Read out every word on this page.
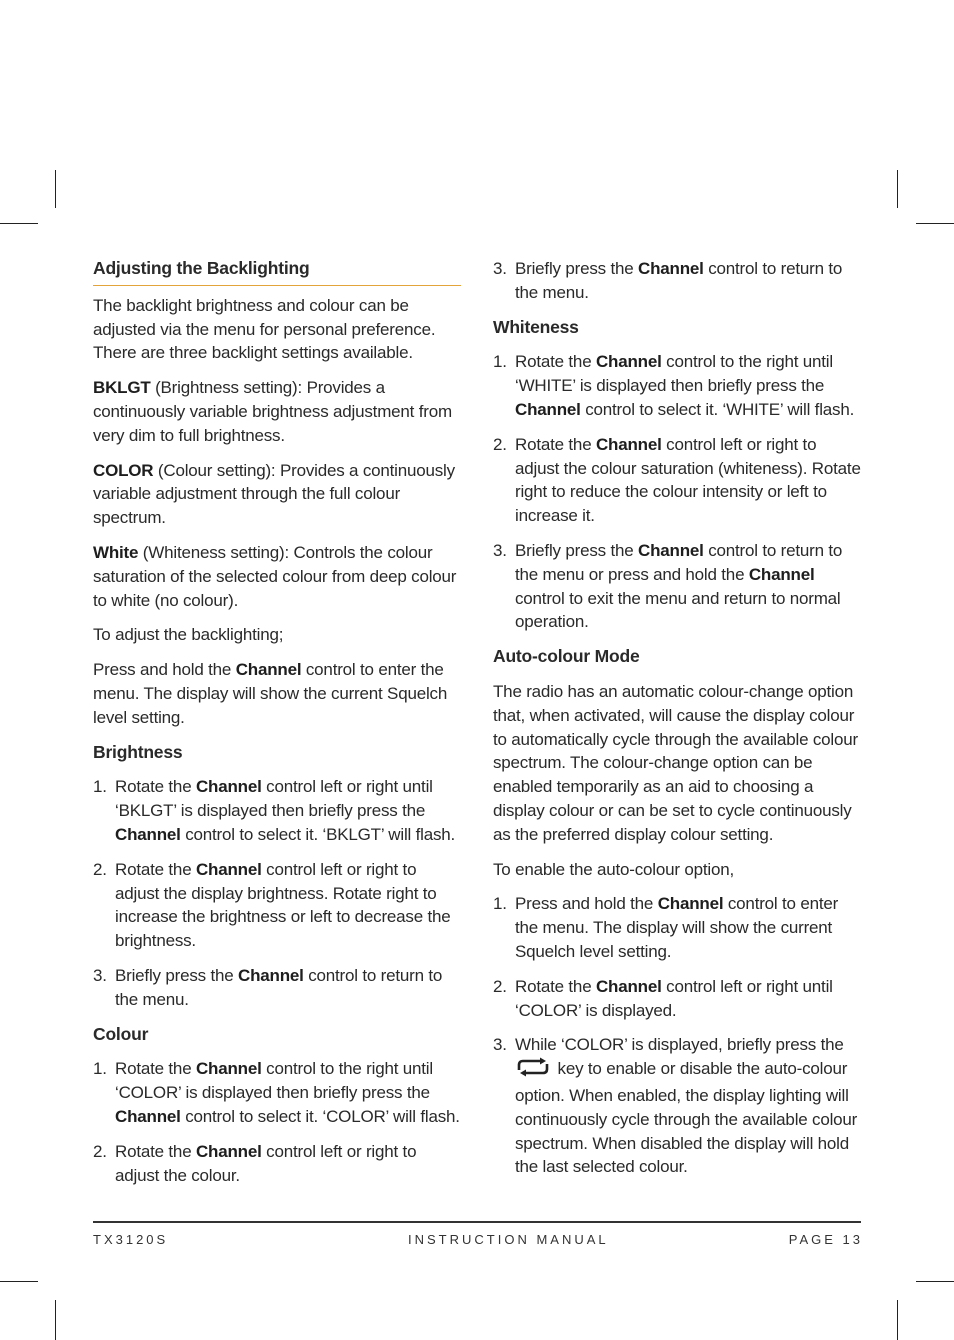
Adjusting the Backlighting

The backlight brightness and colour can be adjusted via the menu for personal preference. There are three backlight settings available.

BKLGT (Brightness setting): Provides a continuously variable brightness adjustment from very dim to full brightness.

COLOR (Colour setting): Provides a continuously variable adjustment through the full colour spectrum.

White (Whiteness setting): Controls the colour saturation of the selected colour from deep colour to white (no colour).

To adjust the backlighting;

Press and hold the Channel control to enter the menu. The display will show the current Squelch level setting.

Brightness
1. Rotate the Channel control left or right until ‘BKLGT’ is displayed then briefly press the Channel control to select it. ‘BKLGT’ will flash.
2. Rotate the Channel control left or right to adjust the display brightness. Rotate right to increase the brightness or left to decrease the brightness.
3. Briefly press the Channel control to return to the menu.
Colour
1. Rotate the Channel control to the right until ‘COLOR’ is displayed then briefly press the Channel control to select it. ‘COLOR’ will flash.
2. Rotate the Channel control left or right to adjust the colour.
3. Briefly press the Channel control to return to the menu.
Whiteness
1. Rotate the Channel control to the right until ‘WHITE’ is displayed then briefly press the Channel control to select it. ‘WHITE’ will flash.
2. Rotate the Channel control left or right to adjust the colour saturation (whiteness). Rotate right to reduce the colour intensity or left to increase it.
3. Briefly press the Channel control to return to the menu or press and hold the Channel control to exit the menu and return to normal operation.
Auto-colour Mode

The radio has an automatic colour-change option that, when activated, will cause the display colour to automatically cycle through the available colour spectrum. The colour-change option can be enabled temporarily as an aid to choosing a display colour or can be set to cycle continuously as the preferred display colour setting.

To enable the auto-colour option,

1. Press and hold the Channel control to enter the menu. The display will show the current Squelch level setting.
2. Rotate the Channel control left or right until ‘COLOR’ is displayed.
3. While ‘COLOR’ is displayed, briefly press the  key to enable or disable the auto-colour option. When enabled, the display lighting will continuously cycle through the available colour spectrum. When disabled the display will hold the last selected colour.
TX3120S	INSTRUCTION MANUAL	PAGE 13
